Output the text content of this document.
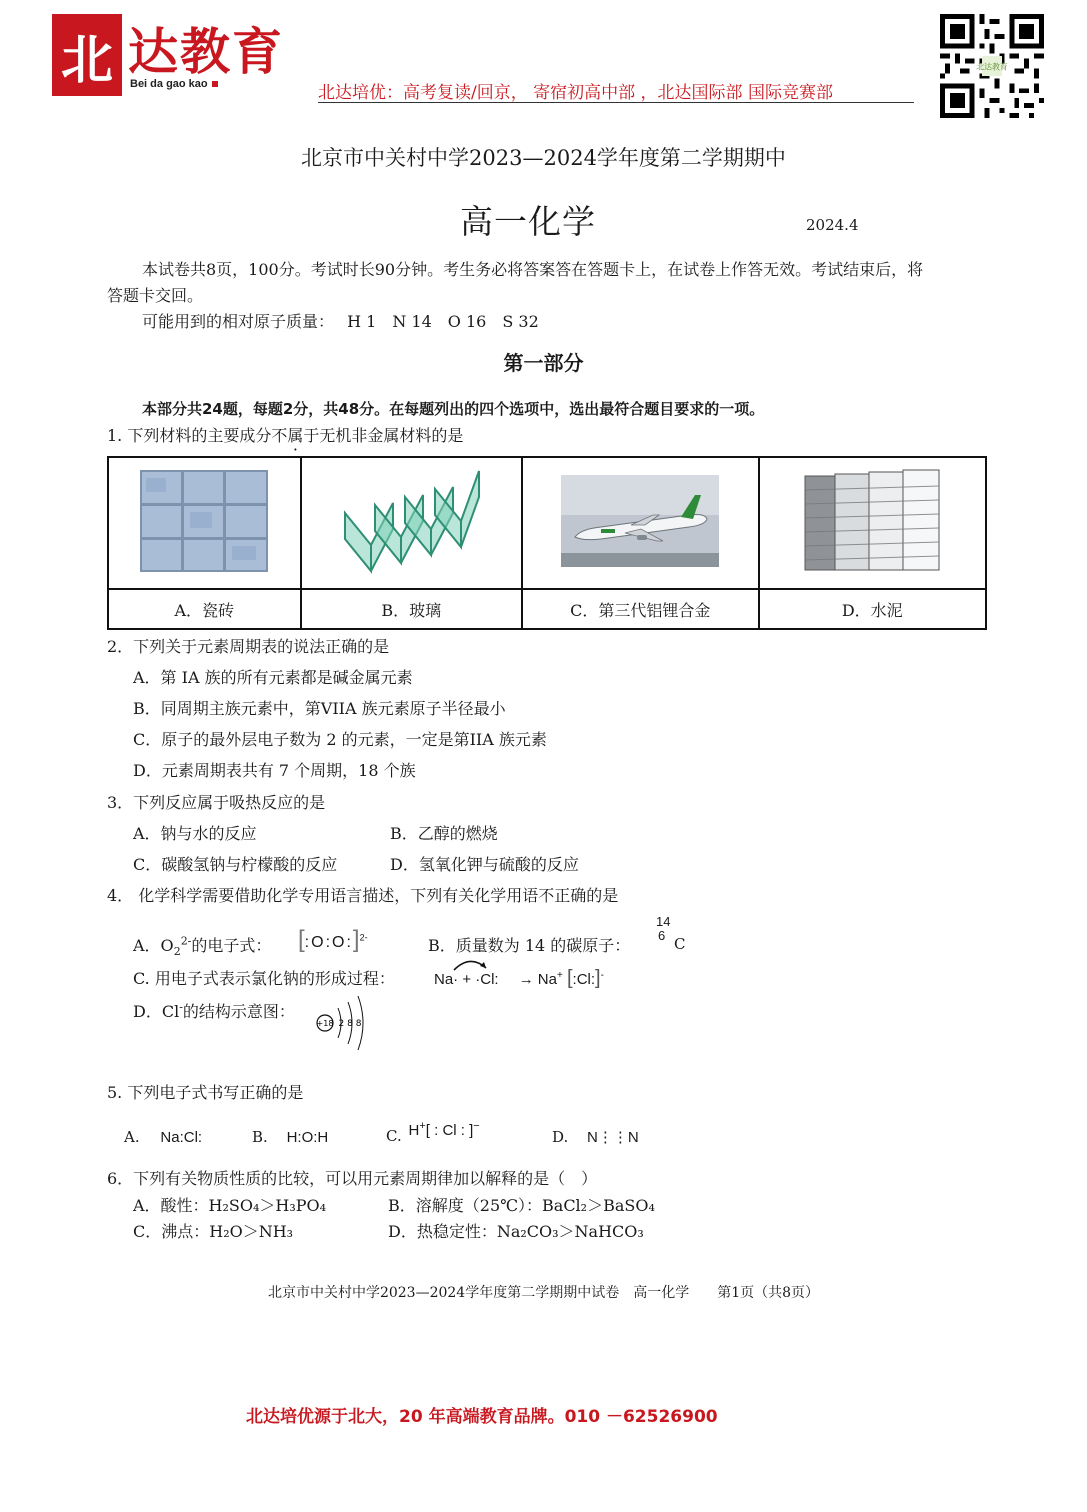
北 达教育
Bei da gao kao	北达培优：高考复读/回京， 寄宿初高中部 ，北达国际部 国际竞赛部
北达教育
北京市中关村中学2023—2024学年度第二学期期中
高一化学	2024.4
本试卷共8页，100分。考试时长90分钟。考生务必将答案答在答题卡上，在试卷上作答无效。考试结束后，将
答题卡交回。
可能用到的相对原子质量： H 1　N 14　O 16　S 32
第一部分
本部分共24题，每题2分，共48分。在每题列出的四个选项中，选出最符合题目要求的一项。
1. 下列材料的主要成分不属于无机非金属材料的是

A．瓷砖	B．玻璃	C．第三代铝锂合金	D．水泥
2．下列关于元素周期表的说法正确的是
A．第 IA 族的所有元素都是碱金属元素
B．同周期主族元素中，第VIIA 族元素原子半径最小
C．原子的最外层电子数为 2 的元素，一定是第IIA 族元素
D．元素周期表共有 7 个周期，18 个族
3．下列反应属于吸热反应的是
A．钠与水的反应	B．乙醇的燃烧
C．碳酸氢钠与柠檬酸的反应	D．氢氧化钾与硫酸的反应
4． 化学科学需要借助化学专用语言描述，下列有关化学用语不正确的是
A．$O_2^{2-}$的电子式： [:O:O:]$^{2-}$	B．质量数为 14 的碳原子：
14
6 C
C. 用电子式表示氯化钠的形成过程：	Na· + ·Cl: → Na+ [:Cl:]-
D．Cl-的结构示意图：
+18 2 8 8
5. 下列电子式书写正确的是
A. Na:Cl:	B. H:O:H	C. H+[ : Cl : ]−
D. N⋮⋮N
6．下列有关物质性质的比较，可以用元素周期律加以解释的是（　）
A．酸性：H₂SO₄＞H₃PO₄	B．溶解度（25℃）：BaCl₂＞BaSO₄
C．沸点：H₂O＞NH₃	D．热稳定性：Na₂CO₃＞NaHCO₃
北京市中关村中学2023—2024学年度第二学期期中试卷　高一化学　　第1页（共8页）
北达培优源于北大，20 年高端教育品牌。010 －62526900
